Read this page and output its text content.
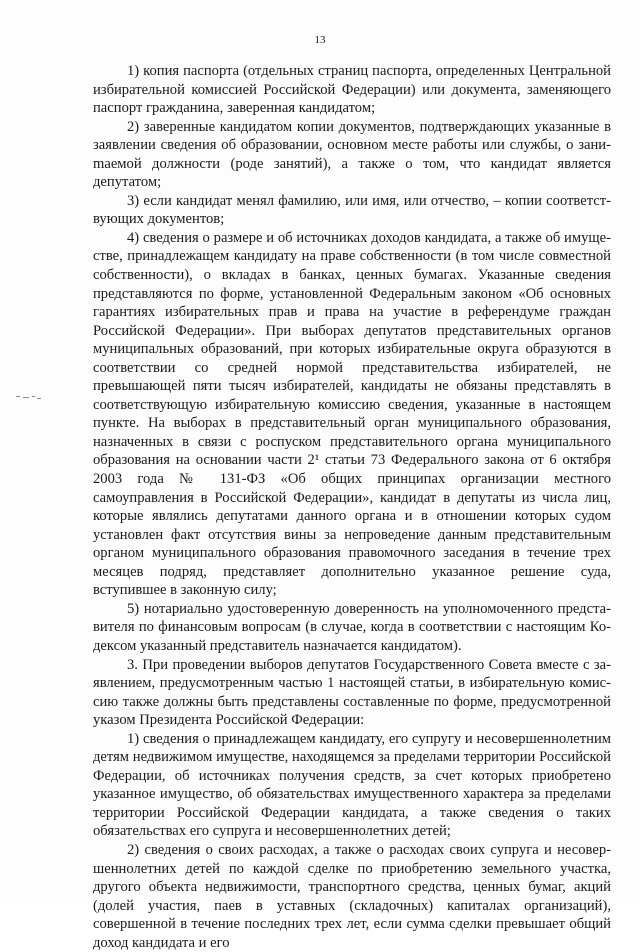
13

1) копия паспорта (отдельных страниц паспорта, определенных Центральной избирательной комиссией Российской Федерации) или документа, заменяющего паспорт гражданина, заверенная кандидатом;

2) заверенные кандидатом копии документов, подтверждающих указанные в заявлении сведения об образовании, основном месте работы или службы, о заниmаемой должности (роде занятий), а также о том, что кандидат является депутатом;

3) если кандидат менял фамилию, или имя, или отчество, – копии соответствующих документов;

4) сведения о размере и об источниках доходов кандидата, а также об имуществе, принадлежащем кандидату на праве собственности (в том числе совместной собственности), о вкладах в банках, ценных бумагах. Указанные сведения представляются по форме, установленной Федеральным законом «Об основных гарантиях избирательных прав и права на участие в референдуме граждан Российской Федерации». При выборах депутатов представительных органов муниципальных образований, при которых избирательные округа образуются в соответствии со средней нормой представительства избирателей, не превышающей пяти тысяч избирателей, кандидаты не обязаны представлять в соответствующую избирательную комиссию сведения, указанные в настоящем пункте. На выборах в представительный орган муниципального образования, назначенных в связи с роспуском представительного органа муниципального образования на основании части 2¹ статьи 73 Федерального закона от 6 октября 2003 года № 131-ФЗ «Об общих принципах организации местного самоуправления в Российской Федерации», кандидат в депутаты из числа лиц, которые являлись депутатами данного органа и в отношении которых судом установлен факт отсутствия вины за непроведение данным представительным органом муниципального образования правомочного заседания в течение трех месяцев подряд, представляет дополнительно указанное решение суда, вступившее в законную силу;

5) нотариально удостоверенную доверенность на уполномоченного представителя по финансовым вопросам (в случае, когда в соответствии с настоящим Кодексом указанный представитель назначается кандидатом).

3. При проведении выборов депутатов Государственного Совета вместе с заявлением, предусмотренным частью 1 настоящей статьи, в избирательную комиссию также должны быть представлены составленные по форме, предусмотренной указом Президента Российской Федерации:

1) сведения о принадлежащем кандидату, его супругу и несовершеннолетним детям недвижимом имуществе, находящемся за пределами территории Российской Федерации, об источниках получения средств, за счет которых приобретено указанное имущество, об обязательствах имущественного характера за пределами территории Российской Федерации кандидата, а также сведения о таких обязательствах его супруга и несовершеннолетних детей;

2) сведения о своих расходах, а также о расходах своих супруга и несовершеннолетних детей по каждой сделке по приобретению земельного участка, другого объекта недвижимости, транспортного средства, ценных бумаг, акций (долей участия, паев в уставных (складочных) капиталах организаций), совершенной в течение последних трех лет, если сумма сделки превышает общий доход кандидата и его
